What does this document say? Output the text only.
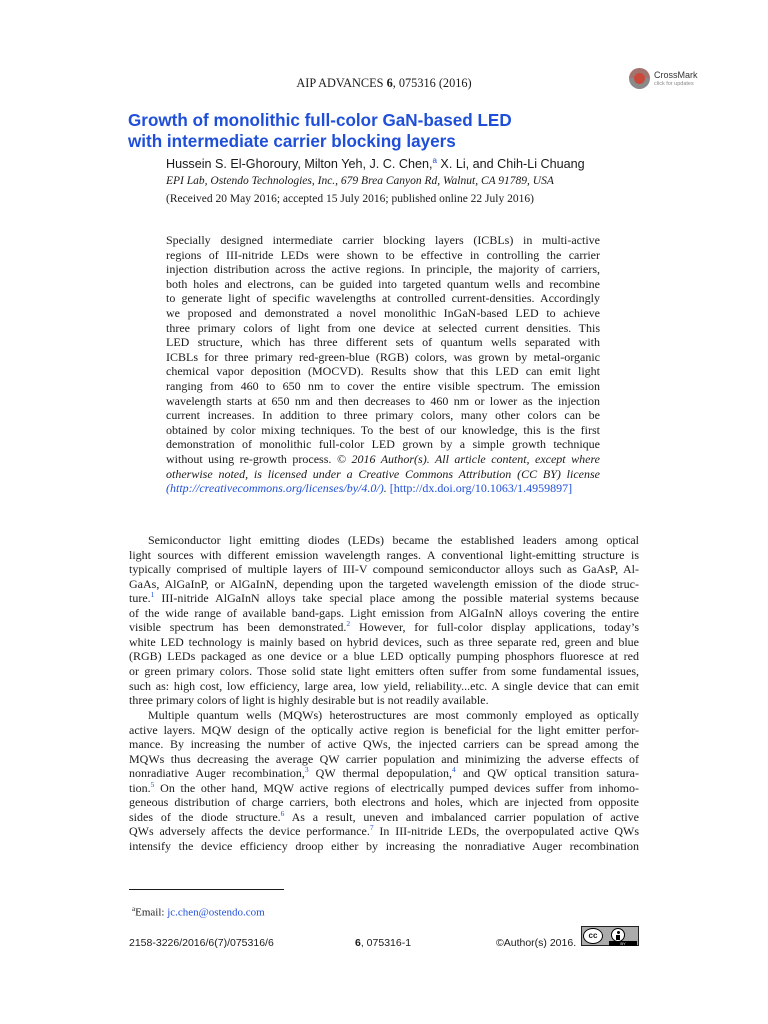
AIP ADVANCES 6, 075316 (2016)
CrossMark
click for updates
Growth of monolithic full-color GaN-based LED
with intermediate carrier blocking layers
Hussein S. El-Ghoroury, Milton Yeh, J. C. Chen,$^a$ X. Li, and Chih-Li Chuang
EPI Lab, Ostendo Technologies, Inc., 679 Brea Canyon Rd, Walnut, CA 91789, USA
(Received 20 May 2016; accepted 15 July 2016; published online 22 July 2016)
Specially designed intermediate carrier blocking layers (ICBLs) in multi-active
regions of III-nitride LEDs were shown to be effective in controlling the carrier
injection distribution across the active regions. In principle, the majority of carriers,
both holes and electrons, can be guided into targeted quantum wells and recombine
to generate light of specific wavelengths at controlled current-densities. Accordingly
we proposed and demonstrated a novel monolithic InGaN-based LED to achieve
three primary colors of light from one device at selected current densities. This
LED structure, which has three different sets of quantum wells separated with
ICBLs for three primary red-green-blue (RGB) colors, was grown by metal-organic
chemical vapor deposition (MOCVD). Results show that this LED can emit light
ranging from 460 to 650 nm to cover the entire visible spectrum. The emission
wavelength starts at 650 nm and then decreases to 460 nm or lower as the injection
current increases. In addition to three primary colors, many other colors can be
obtained by color mixing techniques. To the best of our knowledge, this is the first
demonstration of monolithic full-color LED grown by a simple growth technique
without using re-growth process. © 2016 Author(s). All article content, except where
otherwise noted, is licensed under a Creative Commons Attribution (CC BY) license
(http://creativecommons.org/licenses/by/4.0/). [http://dx.doi.org/10.1063/1.4959897]
Semiconductor light emitting diodes (LEDs) became the established leaders among optical
light sources with different emission wavelength ranges. A conventional light-emitting structure is
typically comprised of multiple layers of III-V compound semiconductor alloys such as GaAsP, Al-
GaAs, AlGaInP, or AlGaInN, depending upon the targeted wavelength emission of the diode struc-
ture.$^1$ III-nitride AlGaInN alloys take special place among the possible material systems because
of the wide range of available band-gaps. Light emission from AlGaInN alloys covering the entire
visible spectrum has been demonstrated.$^2$ However, for full-color display applications, today’s
white LED technology is mainly based on hybrid devices, such as three separate red, green and blue
(RGB) LEDs packaged as one device or a blue LED optically pumping phosphors fluoresce at red
or green primary colors. Those solid state light emitters often suffer from some fundamental issues,
such as: high cost, low efficiency, large area, low yield, reliability...etc. A single device that can emit
three primary colors of light is highly desirable but is not readily available.
Multiple quantum wells (MQWs) heterostructures are most commonly employed as optically
active layers. MQW design of the optically active region is beneficial for the light emitter perfor-
mance. By increasing the number of active QWs, the injected carriers can be spread among the
MQWs thus decreasing the average QW carrier population and minimizing the adverse effects of
nonradiative Auger recombination,$^3$ QW thermal depopulation,$^4$ and QW optical transition satura-
tion.$^5$ On the other hand, MQW active regions of electrically pumped devices suffer from inhomo-
geneous distribution of charge carriers, both electrons and holes, which are injected from opposite
sides of the diode structure.$^6$ As a result, uneven and imbalanced carrier population of active
QWs adversely affects the device performance.$^7$ In III-nitride LEDs, the overpopulated active QWs
intensify the device efficiency droop either by increasing the nonradiative Auger recombination
$^a$Email: jc.chen@ostendo.com
2158-3226/2016/6(7)/075316/6	6, 075316-1	©Author(s) 2016.
cc
BY
